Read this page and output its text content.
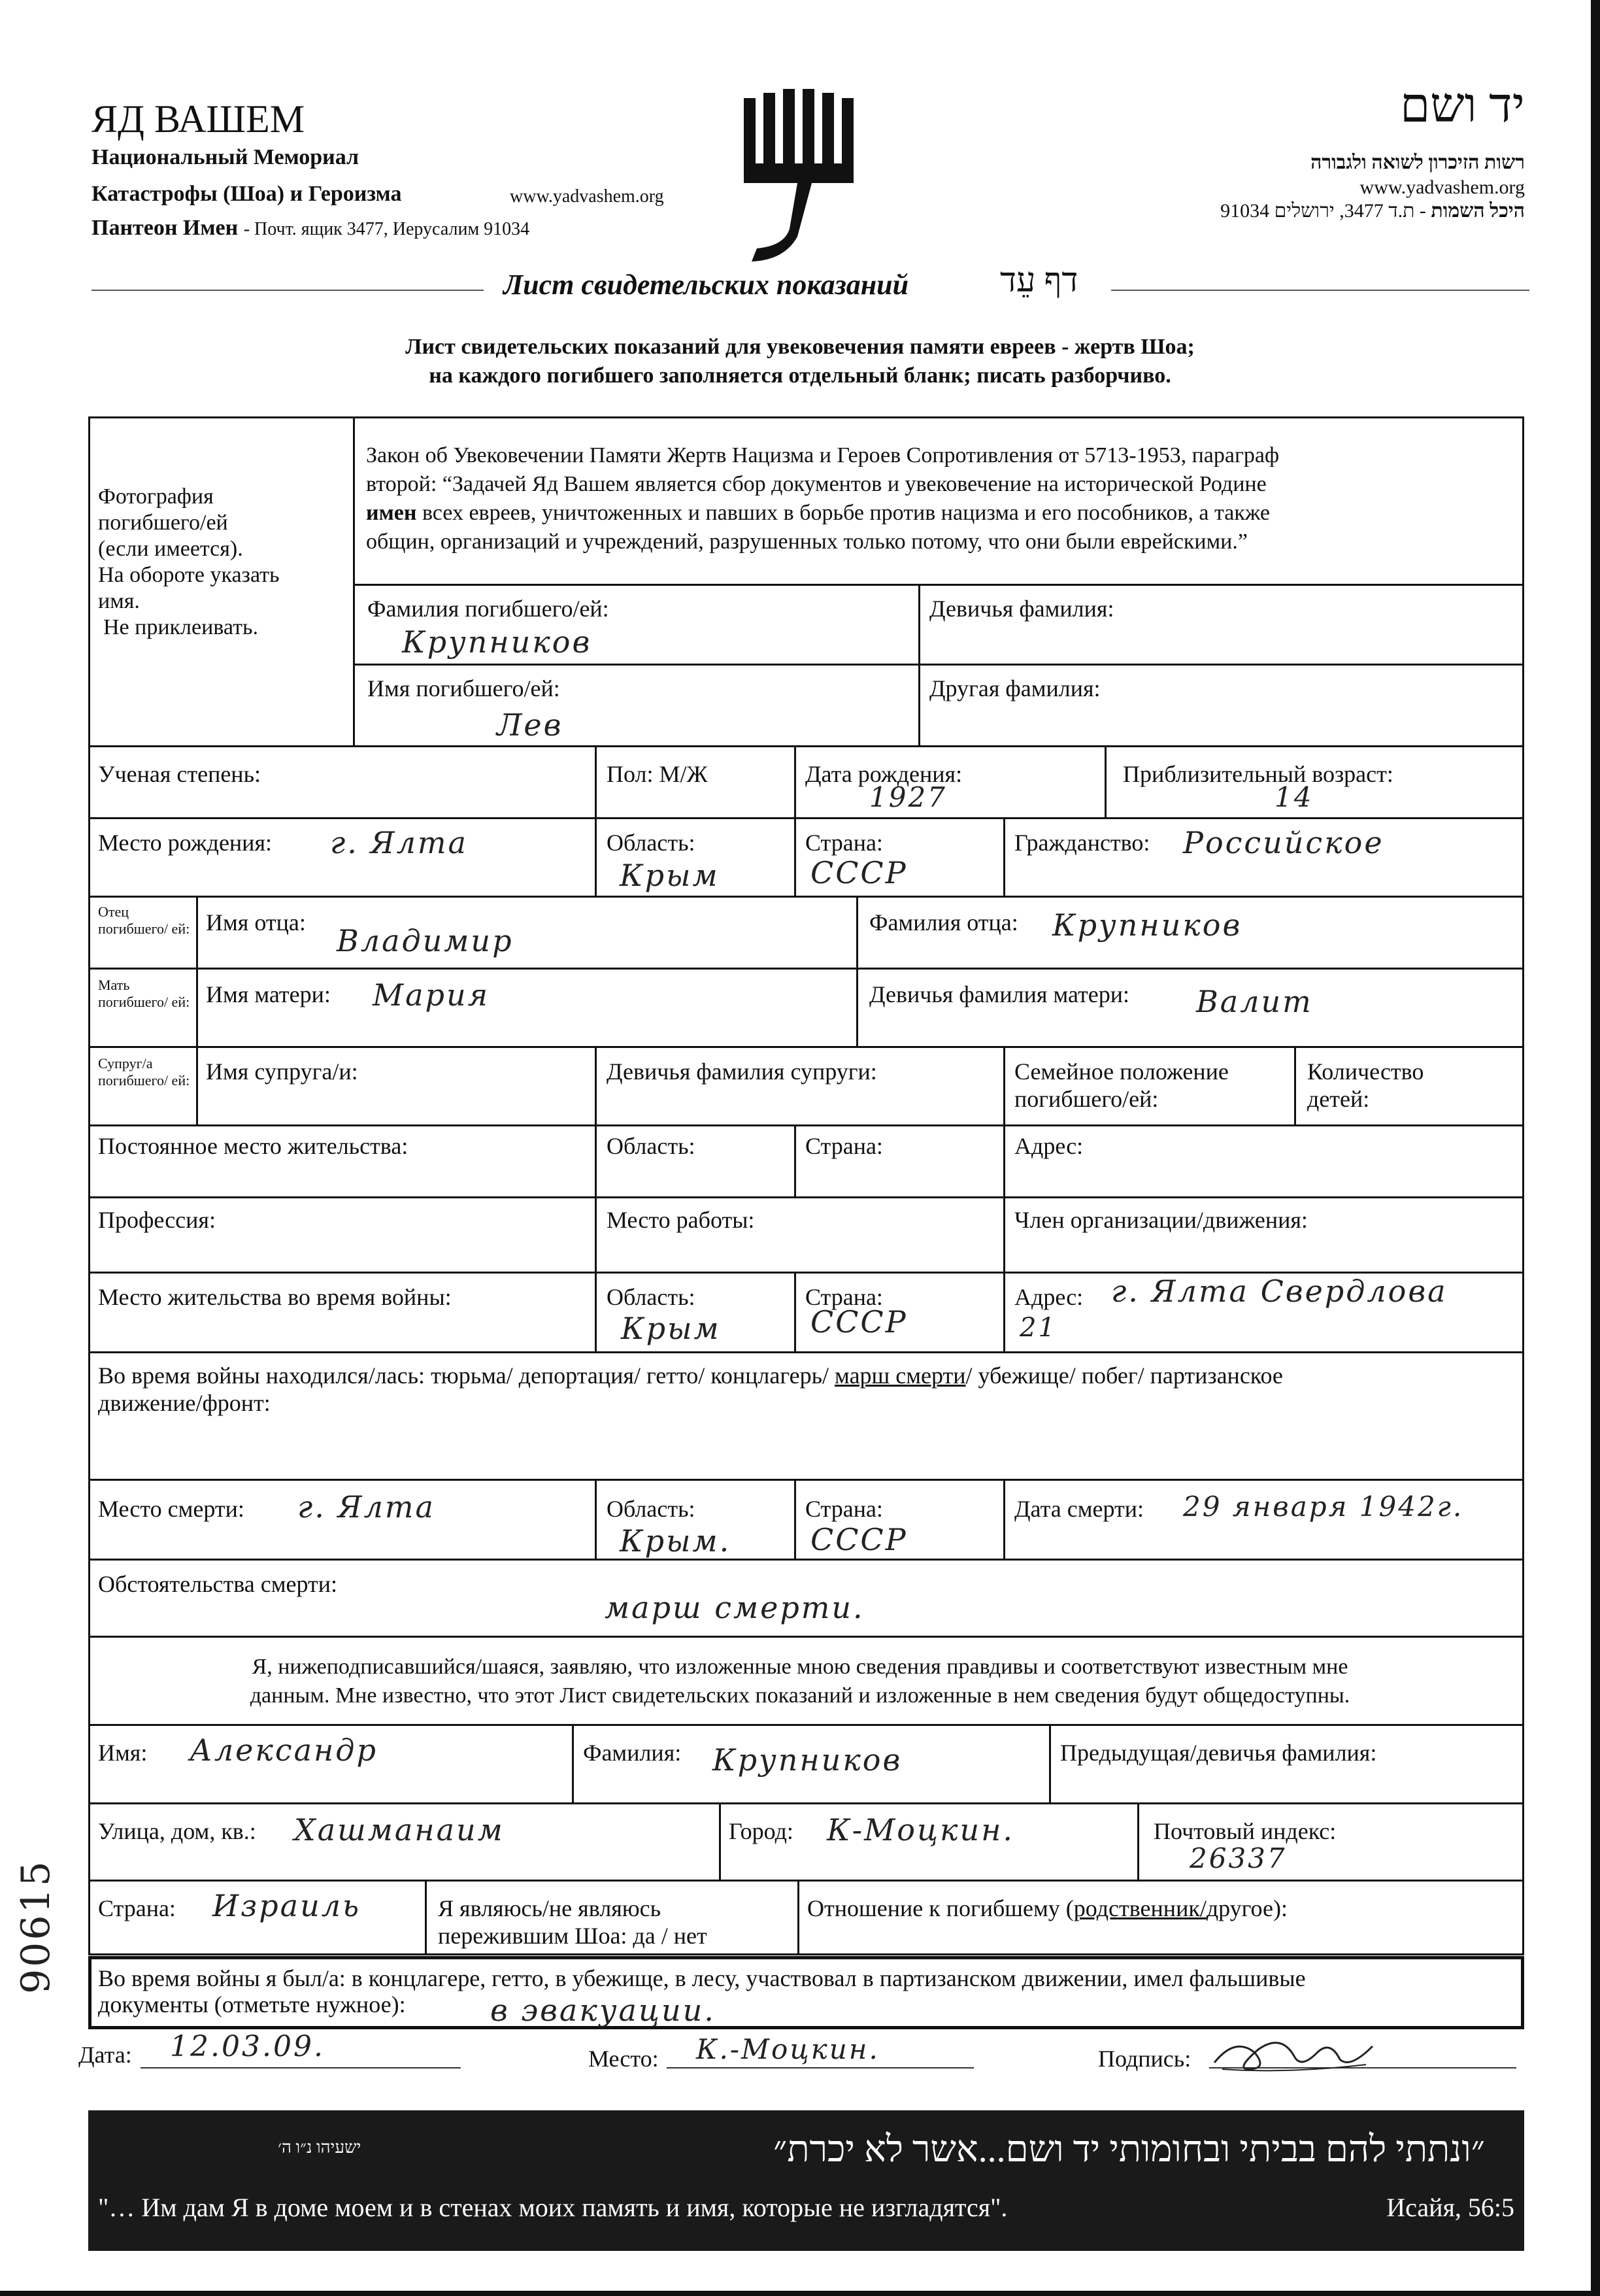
ЯД ВАШЕМ
Национальный Мемориал
Катастрофы (Шоа) и Героизма	www.yadvashem.org
Пантеон Имен - Почт. ящик 3477, Иерусалим 91034
יד ושם
רשות הזיכרון לשואה ולגבורה
www.yadvashem.org
היכל השמות - ת.ד 3477, ירושלים 91034
Лист свидетельских показаний	דף עֵד
Лист свидетельских показаний для увековечения памяти евреев - жертв Шоа;
на каждого погибшего заполняется отдельный бланк; писать разборчиво.
Фотография
погибшего/ей
(если имеется).
На обороте указать
имя.
Не приклеивать.
Закон об Увековечении Памяти Жертв Нацизма и Героев Сопротивления от 5713-1953, параграф
второй: “Задачей Яд Вашем является сбор документов и увековечение на исторической Родине
имен всех евреев, уничтоженных и павших в борьбе против нацизма и его пособников, а также
общин, организаций и учреждений, разрушенных только потому, что они были еврейскими.”
Фамилия погибшего/ей:
Крупников
Девичья фамилия:
Имя погибшего/ей:
Лев
Другая фамилия:
Ученая степень:	Пол: М/Ж	Дата рождения:
1927
Приблизительный возраст:
14
Место рождения: г. Ялта	Область:
Крым
Страна:
СССР
Гражданство: Российское
Отец погибшего/ ей: Имя отца:
Владимир
Фамилия отца: Крупников
Мать погибшего/ ей: Имя матери: Мария	Девичья фамилия матери: Валит
Супруг/а погибшего/ ей: Имя супруга/и:	Девичья фамилия супруги:	Семейное положение
погибшего/ей:
Количество
детей:
Постоянное место жительства:	Область:	Страна:	Адрес:
Профессия:	Место работы:	Член организации/движения:
Место жительства во время войны:	Область:
Крым
Страна:
СССР
Адрес: г. Ялта Свердлова
21
Во время войны находился/лась: тюрьма/ депортация/ гетто/ концлагерь/ марш смерти/ убежище/ побег/ партизанское
движение/фронт:
Место смерти: г. Ялта	Область:
Крым.
Страна:
СССР
Дата смерти: 29 января 1942г.
Обстоятельства смерти:
марш смерти.
Я, нижеподписавшийся/шаяся, заявляю, что изложенные мною сведения правдивы и соответствуют известным мне
данным. Мне известно, что этот Лист свидетельских показаний и изложенные в нем сведения будут общедоступны.
Имя: Александр	Фамилия: Крупников	Предыдущая/девичья фамилия:
Улица, дом, кв.: Хашманаим	Город: К-Моцкин.	Почтовый индекс:
26337
Страна: Израиль	Я являюсь/не являюсь
пережившим Шоа: да / нет
Отношение к погибшему (родственник/другое):
Во время войны я был/а: в концлагере, гетто, в убежище, в лесу, участвовал в партизанском движении, имел фальшивые
документы (отметьте нужное):	в эвакуации.
90615
Дата: 12.03.09.	Место: К.-Моцкин.	Подпись:
״ונתתי להם בביתי ובחומותי יד ושם...אשר לא יכרת״
ישעיהו נ״ו ה׳
"… Им дам Я в доме моем и в стенах моих память и имя, которые не изгладятся".	Исайя, 56:5
